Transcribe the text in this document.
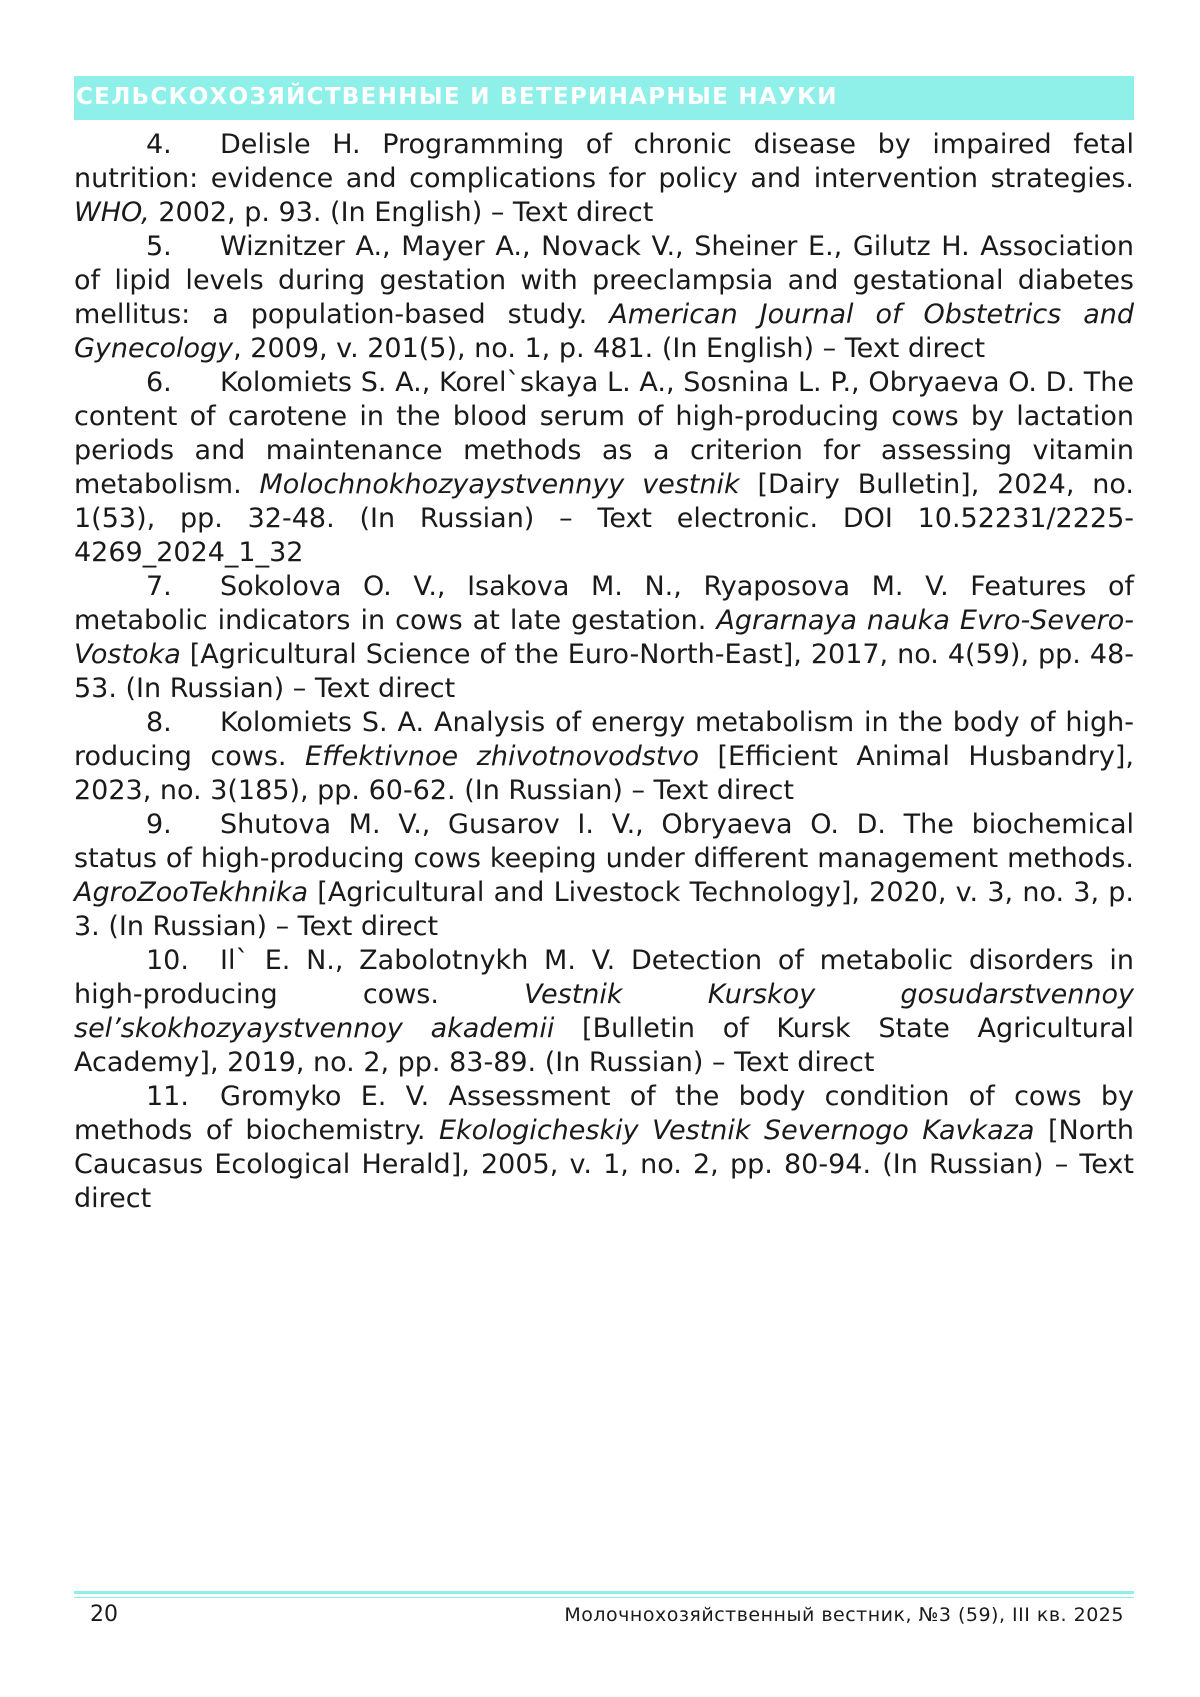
СЕЛЬСКОХОЗЯЙСТВЕННЫЕ И ВЕТЕРИНАРНЫЕ НАУКИ

4. Delisle H. Programming of chronic disease by impaired fetal nutrition: evidence and complications for policy and intervention strategies. WHO, 2002, p. 93. (In English) – Text direct

5. Wiznitzer A., Mayer A., Novack V., Sheiner E., Gilutz H. Association of lipid levels during gestation with preeclampsia and gestational diabetes mellitus: a population-based study. American Journal of Obstetrics and Gynecology, 2009, v. 201(5), no. 1, p. 481. (In English) – Text direct

6. Kolomiets S. A., Korel`skaya L. A., Sosnina L. P., Obryaeva O. D. The content of carotene in the blood serum of high-producing cows by lactation periods and maintenance methods as a criterion for assessing vitamin metabolism. Molochnokhozyaystvennyy vestnik [Dairy Bulletin], 2024, no. 1(53), pp. 32-48. (In Russian) – Text electronic. DOI 10.52231/2225-4269_2024_1_32

7. Sokolova O. V., Isakova M. N., Ryaposova M. V. Features of metabolic indicators in cows at late gestation. Agrarnaya nauka Evro-Severo-Vostoka [Agricultural Science of the Euro-North-East], 2017, no. 4(59), pp. 48-53. (In Russian) – Text direct

8. Kolomiets S. A. Analysis of energy metabolism in the body of high-roducing cows. Effektivnoe zhivotnovodstvo [Efficient Animal Husbandry], 2023, no. 3(185), pp. 60-62. (In Russian) – Text direct

9. Shutova M. V., Gusarov I. V., Obryaeva O. D. The biochemical status of high-producing cows keeping under different management methods. AgroZooTekhnika [Agricultural and Livestock Technology], 2020, v. 3, no. 3, p. 3. (In Russian) – Text direct

10. Il` E. N., Zabolotnykh M. V. Detection of metabolic disorders in high-producing cows. Vestnik Kurskoy gosudarstvennoy sel’skokhozyaystvennoy akademii [Bulletin of Kursk State Agricultural Academy], 2019, no. 2, pp. 83-89. (In Russian) – Text direct

11. Gromyko E. V. Assessment of the body condition of cows by methods of biochemistry. Ekologicheskiy Vestnik Severnogo Kavkaza [North Caucasus Ecological Herald], 2005, v. 1, no. 2, pp. 80-94. (In Russian) – Text direct

20	Молочнохозяйственный вестник, №3 (59), III кв. 2025
